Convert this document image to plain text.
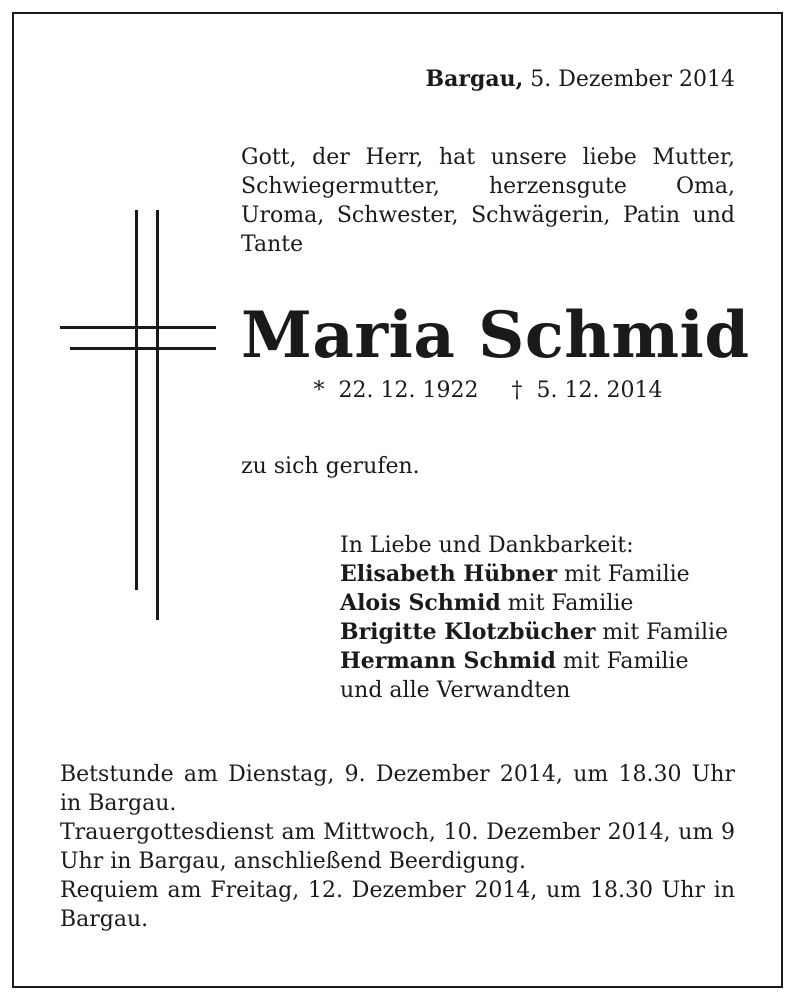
Bargau, 5. Dezember 2014
Gott, der Herr, hat unsere liebe Mutter, Schwiegermutter, herzensgute Oma, Uroma, Schwester, Schwägerin, Patin und Tante
Maria Schmid
* 22. 12. 1922 † 5. 12. 2014
zu sich gerufen.
In Liebe und Dankbarkeit:
Elisabeth Hübner mit Familie
Alois Schmid mit Familie
Brigitte Klotzbücher mit Familie
Hermann Schmid mit Familie
und alle Verwandten

Betstunde am Dienstag, 9. Dezember 2014, um 18.30 Uhr in Bargau.

Trauergottesdienst am Mittwoch, 10. Dezember 2014, um 9 Uhr in Bargau, anschließend Beerdigung.

Requiem am Freitag, 12. Dezember 2014, um 18.30 Uhr in Bargau.
